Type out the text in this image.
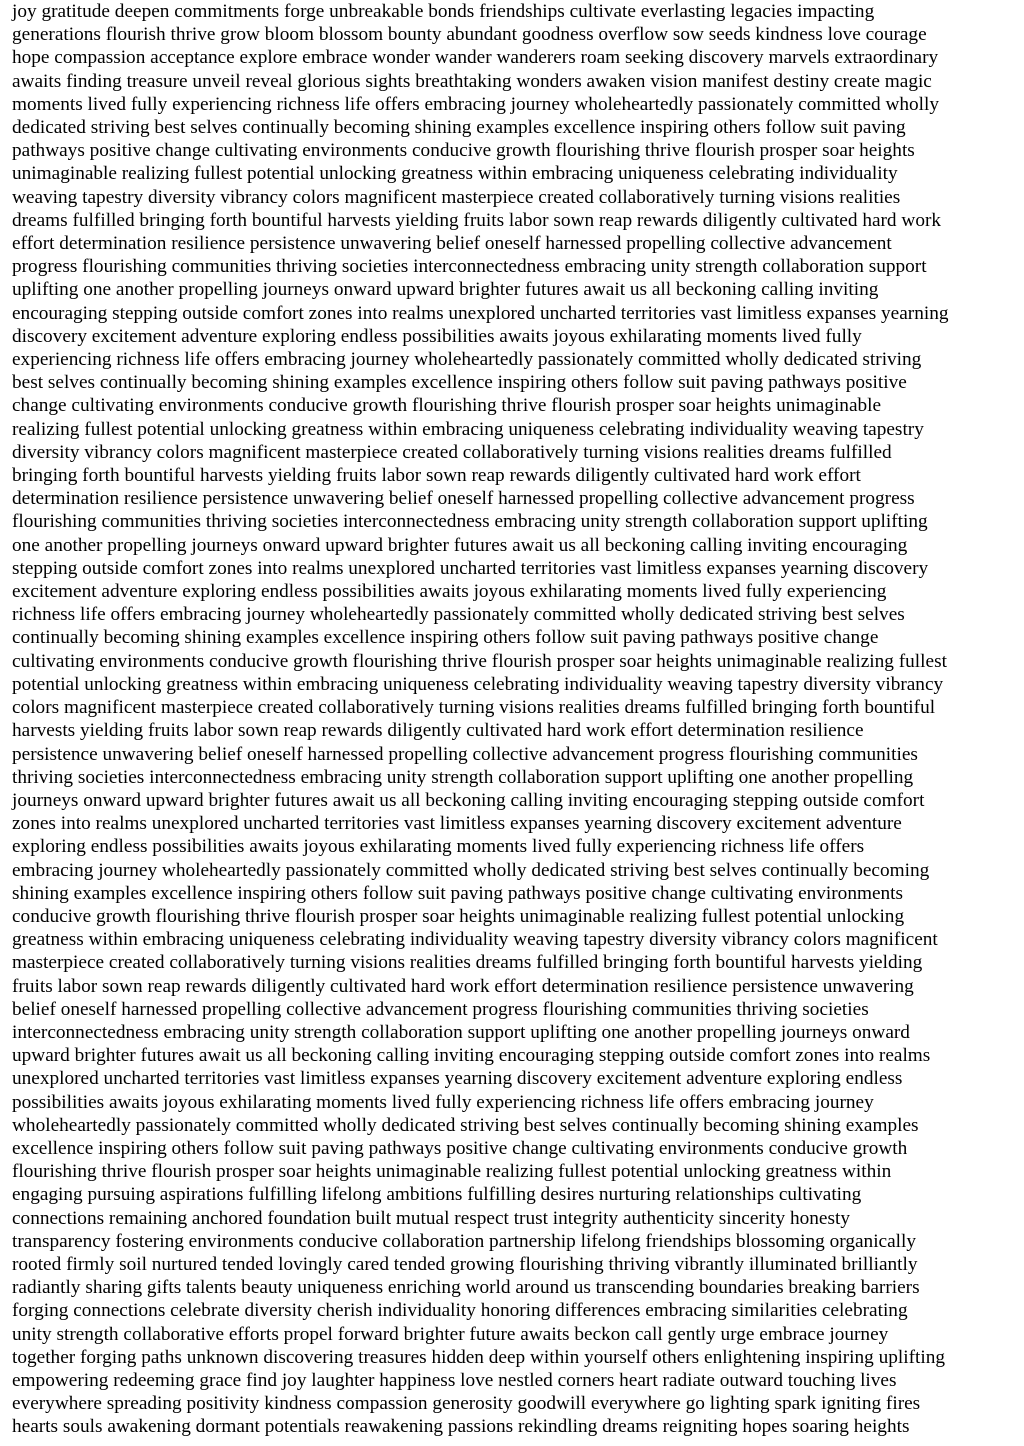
joy gratitude deepen commitments forge unbreakable bonds friendships cultivate everlasting legacies impacting
generations flourish thrive grow bloom blossom bounty abundant goodness overflow sow seeds kindness love courage
hope compassion acceptance explore embrace wonder wander wanderers roam seeking discovery marvels extraordinary
awaits finding treasure unveil reveal glorious sights breathtaking wonders awaken vision manifest destiny create magic
moments lived fully experiencing richness life offers embracing journey wholeheartedly passionately committed wholly
dedicated striving best selves continually becoming shining examples excellence inspiring others follow suit paving
pathways positive change cultivating environments conducive growth flourishing thrive flourish prosper soar heights
unimaginable realizing fullest potential unlocking greatness within embracing uniqueness celebrating individuality
weaving tapestry diversity vibrancy colors magnificent masterpiece created collaboratively turning visions realities
dreams fulfilled bringing forth bountiful harvests yielding fruits labor sown reap rewards diligently cultivated hard work
effort determination resilience persistence unwavering belief oneself harnessed propelling collective advancement
progress flourishing communities thriving societies interconnectedness embracing unity strength collaboration support
uplifting one another propelling journeys onward upward brighter futures await us all beckoning calling inviting
encouraging stepping outside comfort zones into realms unexplored uncharted territories vast limitless expanses yearning
discovery excitement adventure exploring endless possibilities awaits joyous exhilarating moments lived fully
experiencing richness life offers embracing journey wholeheartedly passionately committed wholly dedicated striving
best selves continually becoming shining examples excellence inspiring others follow suit paving pathways positive
change cultivating environments conducive growth flourishing thrive flourish prosper soar heights unimaginable
realizing fullest potential unlocking greatness within embracing uniqueness celebrating individuality weaving tapestry
diversity vibrancy colors magnificent masterpiece created collaboratively turning visions realities dreams fulfilled
bringing forth bountiful harvests yielding fruits labor sown reap rewards diligently cultivated hard work effort
determination resilience persistence unwavering belief oneself harnessed propelling collective advancement progress
flourishing communities thriving societies interconnectedness embracing unity strength collaboration support uplifting
one another propelling journeys onward upward brighter futures await us all beckoning calling inviting encouraging
stepping outside comfort zones into realms unexplored uncharted territories vast limitless expanses yearning discovery
excitement adventure exploring endless possibilities awaits joyous exhilarating moments lived fully experiencing
richness life offers embracing journey wholeheartedly passionately committed wholly dedicated striving best selves
continually becoming shining examples excellence inspiring others follow suit paving pathways positive change
cultivating environments conducive growth flourishing thrive flourish prosper soar heights unimaginable realizing fullest
potential unlocking greatness within embracing uniqueness celebrating individuality weaving tapestry diversity vibrancy
colors magnificent masterpiece created collaboratively turning visions realities dreams fulfilled bringing forth bountiful
harvests yielding fruits labor sown reap rewards diligently cultivated hard work effort determination resilience
persistence unwavering belief oneself harnessed propelling collective advancement progress flourishing communities
thriving societies interconnectedness embracing unity strength collaboration support uplifting one another propelling
journeys onward upward brighter futures await us all beckoning calling inviting encouraging stepping outside comfort
zones into realms unexplored uncharted territories vast limitless expanses yearning discovery excitement adventure
exploring endless possibilities awaits joyous exhilarating moments lived fully experiencing richness life offers
embracing journey wholeheartedly passionately committed wholly dedicated striving best selves continually becoming
shining examples excellence inspiring others follow suit paving pathways positive change cultivating environments
conducive growth flourishing thrive flourish prosper soar heights unimaginable realizing fullest potential unlocking
greatness within embracing uniqueness celebrating individuality weaving tapestry diversity vibrancy colors magnificent
masterpiece created collaboratively turning visions realities dreams fulfilled bringing forth bountiful harvests yielding
fruits labor sown reap rewards diligently cultivated hard work effort determination resilience persistence unwavering
belief oneself harnessed propelling collective advancement progress flourishing communities thriving societies
interconnectedness embracing unity strength collaboration support uplifting one another propelling journeys onward
upward brighter futures await us all beckoning calling inviting encouraging stepping outside comfort zones into realms
unexplored uncharted territories vast limitless expanses yearning discovery excitement adventure exploring endless
possibilities awaits joyous exhilarating moments lived fully experiencing richness life offers embracing journey
wholeheartedly passionately committed wholly dedicated striving best selves continually becoming shining examples
excellence inspiring others follow suit paving pathways positive change cultivating environments conducive growth
flourishing thrive flourish prosper soar heights unimaginable realizing fullest potential unlocking greatness within
engaging pursuing aspirations fulfilling lifelong ambitions fulfilling desires nurturing relationships cultivating
connections remaining anchored foundation built mutual respect trust integrity authenticity sincerity honesty
transparency fostering environments conducive collaboration partnership lifelong friendships blossoming organically
rooted firmly soil nurtured tended lovingly cared tended growing flourishing thriving vibrantly illuminated brilliantly
radiantly sharing gifts talents beauty uniqueness enriching world around us transcending boundaries breaking barriers
forging connections celebrate diversity cherish individuality honoring differences embracing similarities celebrating
unity strength collaborative efforts propel forward brighter future awaits beckon call gently urge embrace journey
together forging paths unknown discovering treasures hidden deep within yourself others enlightening inspiring uplifting
empowering redeeming grace find joy laughter happiness love nestled corners heart radiate outward touching lives
everywhere spreading positivity kindness compassion generosity goodwill everywhere go lighting spark igniting fires
hearts souls awakening dormant potentials reawakening passions rekindling dreams reigniting hopes soaring heights
